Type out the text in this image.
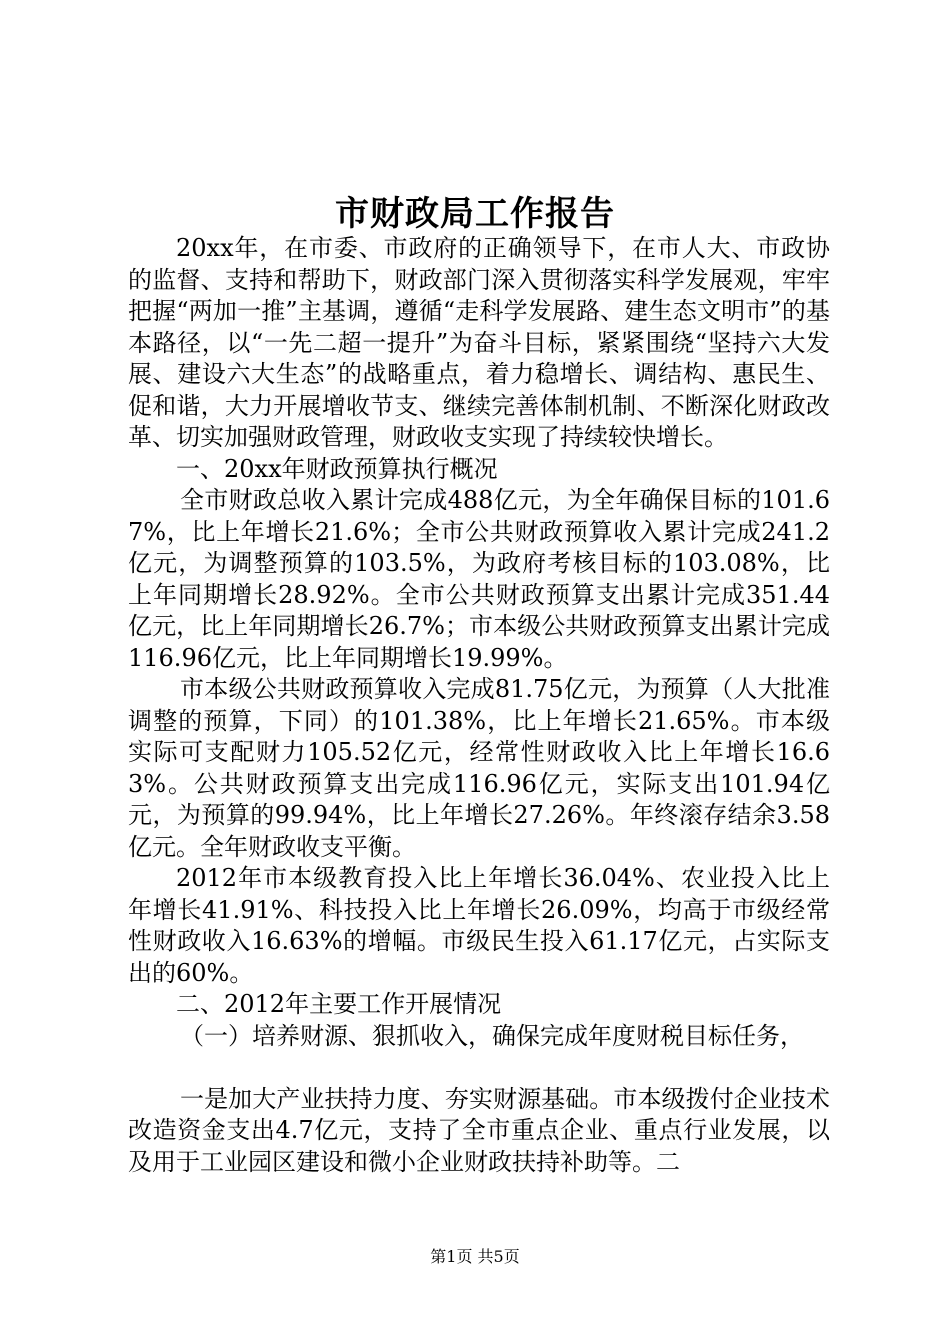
市财政局工作报告

20xx年，在市委、市政府的正确领导下，在市人大、市政协的监督、支持和帮助下，财政部门深入贯彻落实科学发展观，牢牢把握“两加一推”主基调，遵循“走科学发展路、建生态文明市”的基本路径，以“一先二超一提升”为奋斗目标，紧紧围绕“坚持六大发展、建设六大生态”的战略重点，着力稳增长、调结构、惠民生、促和谐，大力开展增收节支、继续完善体制机制、不断深化财政改革、切实加强财政管理，财政收支实现了持续较快增长。

一、20xx年财政预算执行概况

全市财政总收入累计完成488亿元，为全年确保目标的101.67%，比上年增长21.6%；全市公共财政预算收入累计完成241.2亿元，为调整预算的103.5%，为政府考核目标的103.08%，比上年同期增长28.92%。全市公共财政预算支出累计完成351.44亿元，比上年同期增长26.7%；市本级公共财政预算支出累计完成116.96亿元，比上年同期增长19.99%。

市本级公共财政预算收入完成81.75亿元，为预算（人大批准调整的预算，下同）的101.38%，比上年增长21.65%。市本级实际可支配财力105.52亿元，经常性财政收入比上年增长16.63%。公共财政预算支出完成116.96亿元，实际支出101.94亿元，为预算的99.94%，比上年增长27.26%。年终滚存结余3.58亿元。全年财政收支平衡。

2012年市本级教育投入比上年增长36.04%、农业投入比上年增长41.91%、科技投入比上年增长26.09%，均高于市级经常性财政收入16.63%的增幅。市级民生投入61.17亿元，占实际支出的60%。

二、2012年主要工作开展情况

（一）培养财源、狠抓收入，确保完成年度财税目标任务，

一是加大产业扶持力度、夯实财源基础。市本级拨付企业技术改造资金支出4.7亿元，支持了全市重点企业、重点行业发展，以及用于工业园区建设和微小企业财政扶持补助等。二

第1页 共5页
